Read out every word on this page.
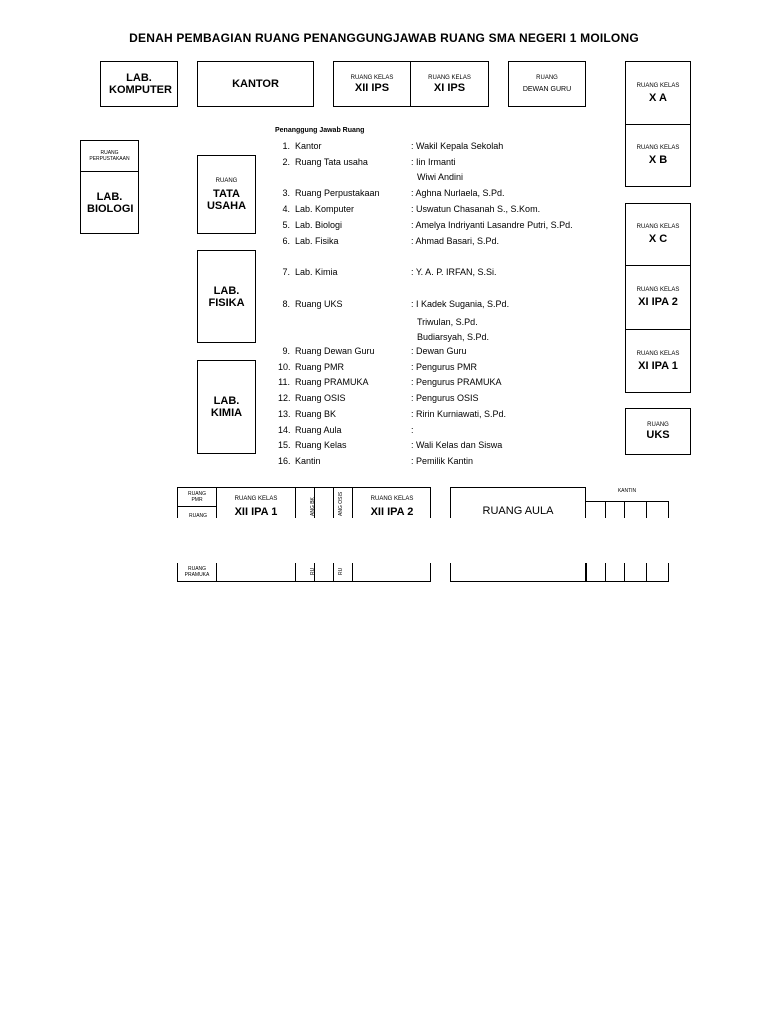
DENAH PEMBAGIAN RUANG PENANGGUNGJAWAB RUANG SMA NEGERI 1 MOILONG
LAB. KOMPUTER	KANTOR
RUANG KELAS
XII IPS
RUANG KELAS
XI IPS
RUANG
DEWAN GURU
RUANG PERPUSTAKAAN
LAB. BIOLOGI
RUANG
TATA USAHA
LAB. FISIKA
LAB. KIMIA
RUANG KELAS
X A
RUANG KELAS
X B
RUANG KELAS
X C
RUANG KELAS
XI IPA 2
RUANG KELAS
XI IPA 1
RUANG
UKS
Penanggung Jawab Ruang
1. Kantor	: Wakil Kepala Sekolah
2. Ruang Tata usaha	: Iin Irmanti
Wiwi Andini
3. Ruang Perpustakaan	: Aghna Nurlaela, S.Pd.
4. Lab. Komputer	: Uswatun Chasanah S., S.Kom.
5. Lab. Biologi	: Amelya Indriyanti Lasandre Putri, S.Pd.
6. Lab. Fisika	: Ahmad Basari, S.Pd.
7. Lab. Kimia	: Y. A. P. IRFAN, S.Si.
8. Ruang UKS	: I Kadek Sugania, S.Pd.
Triwulan, S.Pd.
Budiarsyah, S.Pd.
9. Ruang Dewan Guru	: Dewan Guru
10. Ruang PMR	: Pengurus PMR
11. Ruang PRAMUKA	: Pengurus PRAMUKA
12. Ruang OSIS	: Pengurus OSIS
13. Ruang BK	: Ririn Kurniawati, S.Pd.
14. Ruang Aula	:
15. Ruang Kelas	: Wali Kelas dan Siswa
16. Kantin	: Pemilik Kantin
RUANG PMR
RUANG
RUANG KELAS
XII IPA 1	ANG BK	ANG OSIS	RUANG KELAS
XII IPA 2	RUANG AULA
KANTIN
RUANG PRAMUKA	RU	RU
